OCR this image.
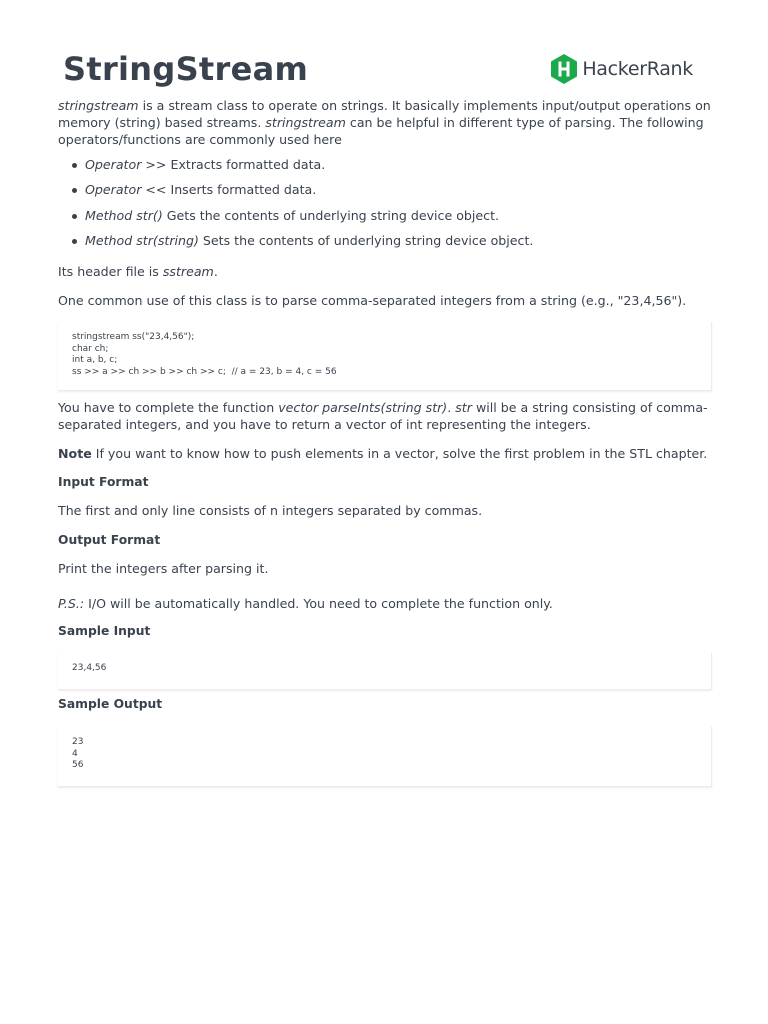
StringStream	HackerRank

stringstream is a stream class to operate on strings. It basically implements input/output operations on memory (string) based streams. stringstream can be helpful in different type of parsing. The following operators/functions are commonly used here

Operator >> Extracts formatted data.
Operator << Inserts formatted data.
Method str() Gets the contents of underlying string device object.
Method str(string) Sets the contents of underlying string device object.

Its header file is sstream.

One common use of this class is to parse comma-separated integers from a string (e.g., "23,4,56").

stringstream ss("23,4,56");
char ch;
int a, b, c;
ss >> a >> ch >> b >> ch >> c;  // a = 23, b = 4, c = 56

You have to complete the function vector parseInts(string str). str will be a string consisting of comma-separated integers, and you have to return a vector of int representing the integers.

Note If you want to know how to push elements in a vector, solve the first problem in the STL chapter.

Input Format

The first and only line consists of n integers separated by commas.

Output Format

Print the integers after parsing it.

P.S.: I/O will be automatically handled. You need to complete the function only.

Sample Input
23,4,56
Sample Output
23
4
56
